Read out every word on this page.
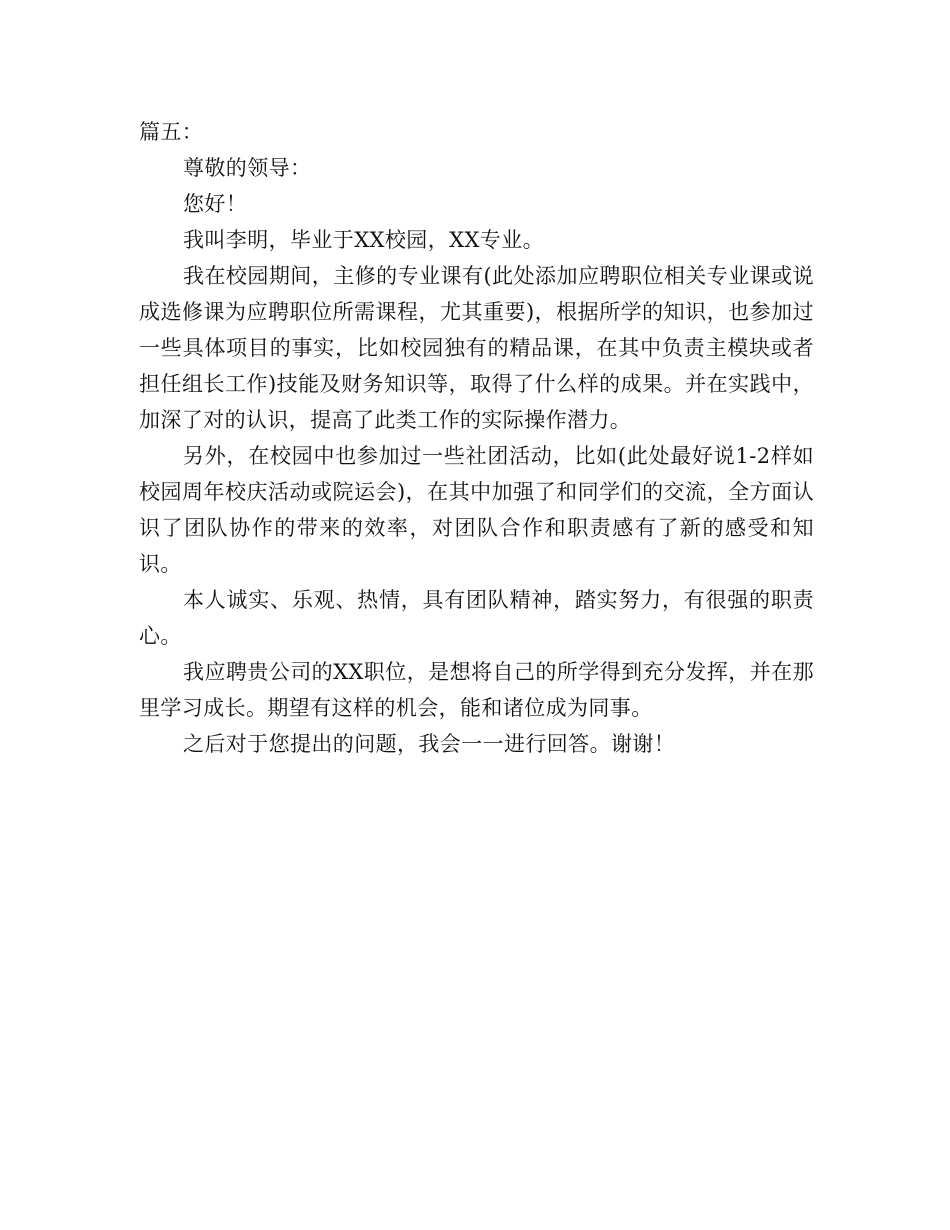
篇五：

尊敬的领导：

您好！

我叫李明，毕业于XX校园，XX专业。

我在校园期间，主修的专业课有(此处添加应聘职位相关专业课或说成选修课为应聘职位所需课程，尤其重要)，根据所学的知识，也参加过一些具体项目的事实，比如校园独有的精品课，在其中负责主模块或者担任组长工作)技能及财务知识等，取得了什么样的成果。并在实践中，加深了对的认识，提高了此类工作的实际操作潜力。

另外，在校园中也参加过一些社团活动，比如(此处最好说1-2样如校园周年校庆活动或院运会)，在其中加强了和同学们的交流，全方面认识了团队协作的带来的效率，对团队合作和职责感有了新的感受和知识。

本人诚实、乐观、热情，具有团队精神，踏实努力，有很强的职责心。

我应聘贵公司的XX职位，是想将自己的所学得到充分发挥，并在那里学习成长。期望有这样的机会，能和诸位成为同事。

之后对于您提出的问题，我会一一进行回答。谢谢！
